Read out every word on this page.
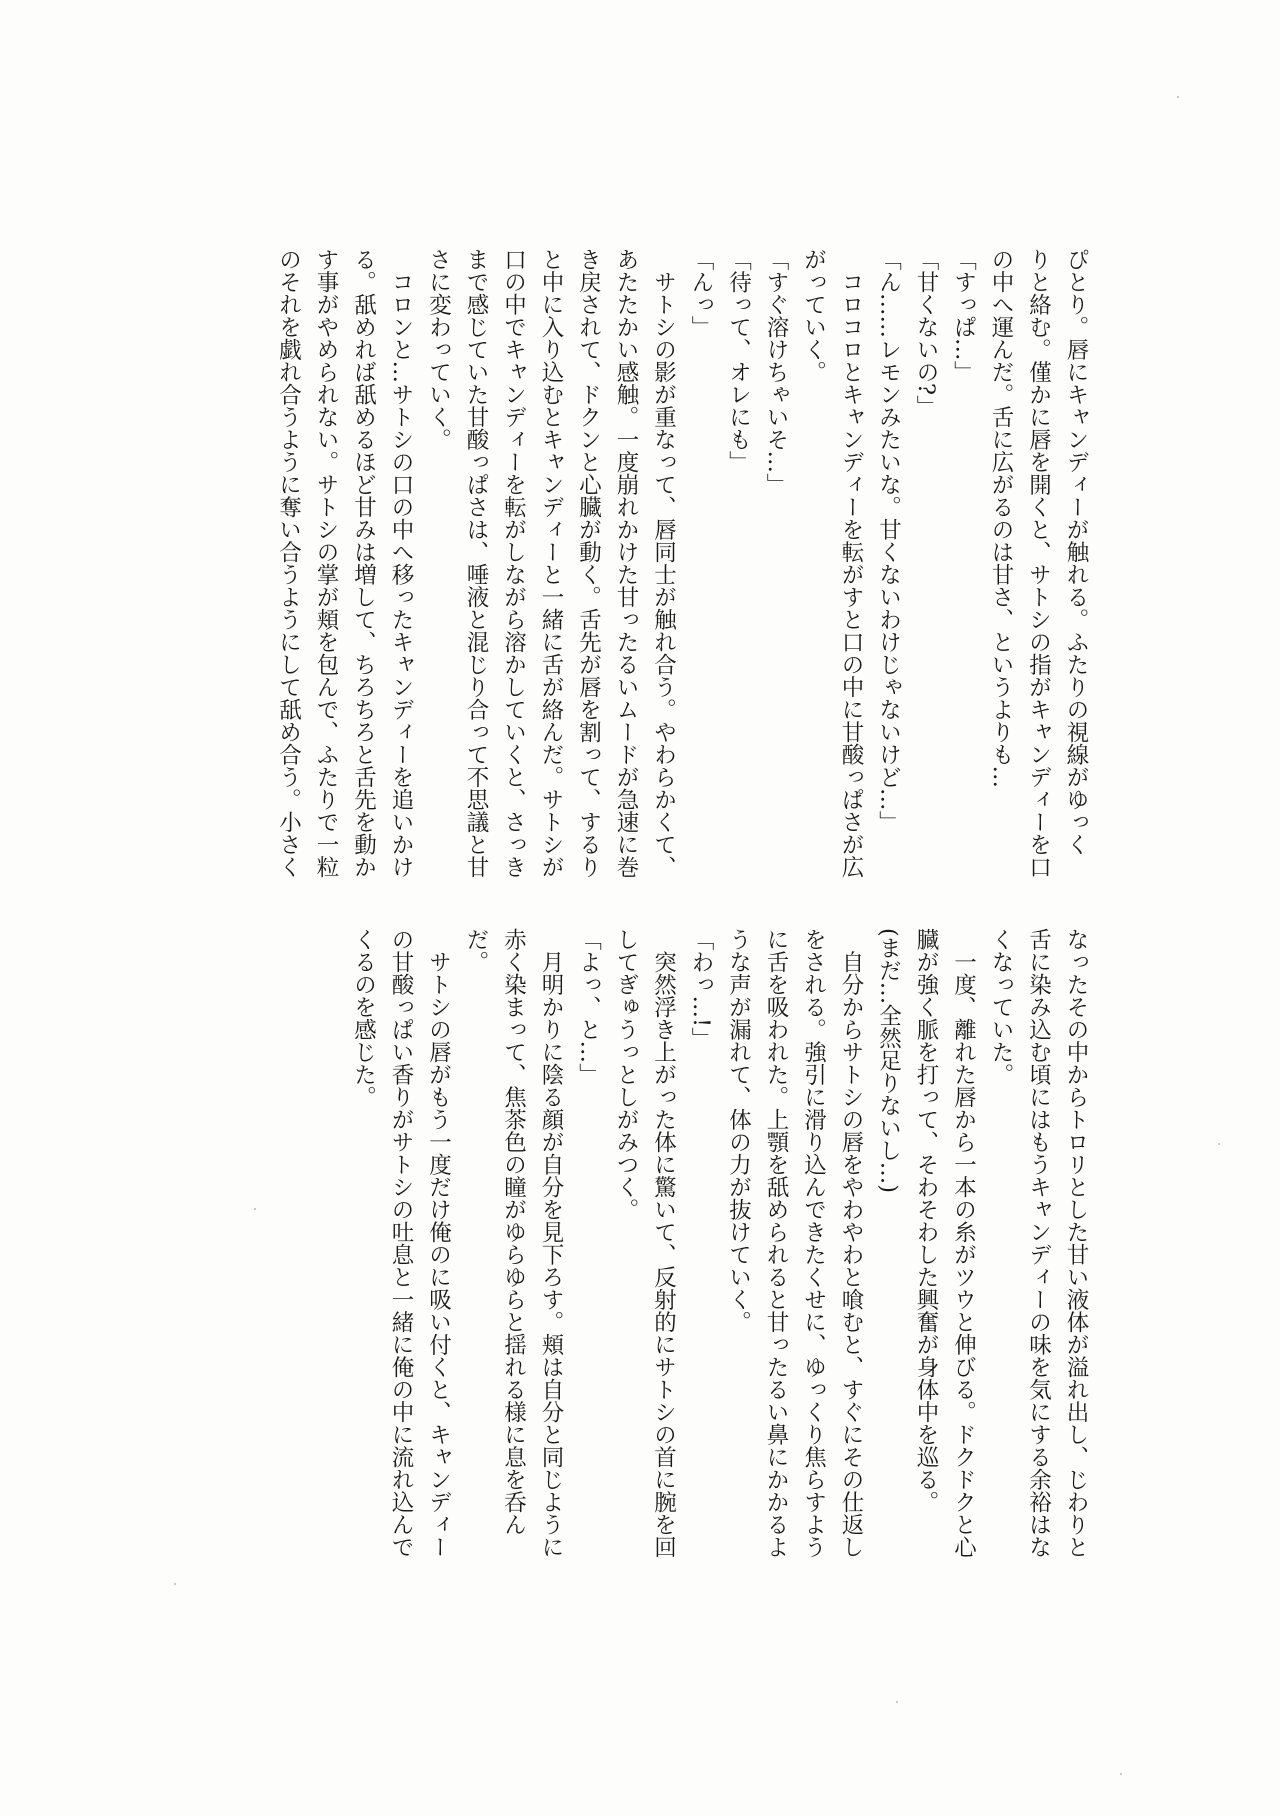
ぴとり。唇にキャンディーが触れる。ふたりの視線がゆっく
りと絡む。僅かに唇を開くと、サトシの指がキャンディーを口
の中へ運んだ。舌に広がるのは甘さ、というよりも…
「すっぱ…」
「甘くないの?」
「ん……レモンみたいな。甘くないわけじゃないけど…」
　コロコロとキャンディーを転がすと口の中に甘酸っぱさが広
がっていく。
「すぐ溶けちゃいそ…」
「待って、オレにも」
「んっ」
　サトシの影が重なって、唇同士が触れ合う。やわらかくて、
あたたかい感触。一度崩れかけた甘ったるいムードが急速に巻
き戻されて、ドクンと心臓が動く。舌先が唇を割って、するり
と中に入り込むとキャンディーと一緒に舌が絡んだ。サトシが
口の中でキャンディーを転がしながら溶かしていくと、さっき
まで感じていた甘酸っぱさは、唾液と混じり合って不思議と甘
さに変わっていく。
　コロンと…サトシの口の中へ移ったキャンディーを追いかけ
る。舐めれば舐めるほど甘みは増して、ちろちろと舌先を動か
す事がやめられない。サトシの掌が頬を包んで、ふたりで一粒
のそれを戯れ合うように奪い合うようにして舐め合う。小さく
なったその中からトロリとした甘い液体が溢れ出し、じわりと
舌に染み込む頃にはもうキャンディーの味を気にする余裕はな
くなっていた。
　一度、離れた唇から一本の糸がツウと伸びる。ドクドクと心
臓が強く脈を打って、そわそわした興奮が身体中を巡る。
(まだ…全然足りないし…)
　自分からサトシの唇をやわやわと喰むと、すぐにその仕返し
をされる。強引に滑り込んできたくせに、ゆっくり焦らすよう
に舌を吸われた。上顎を舐められると甘ったるい鼻にかかるよ
うな声が漏れて、体の力が抜けていく。
「わっ…!」
　突然浮き上がった体に驚いて、反射的にサトシの首に腕を回
してぎゅうっとしがみつく。
「よっ、と…」
　月明かりに陰る顔が自分を見下ろす。頬は自分と同じように
赤く染まって、焦茶色の瞳がゆらゆらと揺れる様に息を呑ん
だ。
　サトシの唇がもう一度だけ俺のに吸い付くと、キャンディー
の甘酸っぱい香りがサトシの吐息と一緒に俺の中に流れ込んで
くるのを感じた。
